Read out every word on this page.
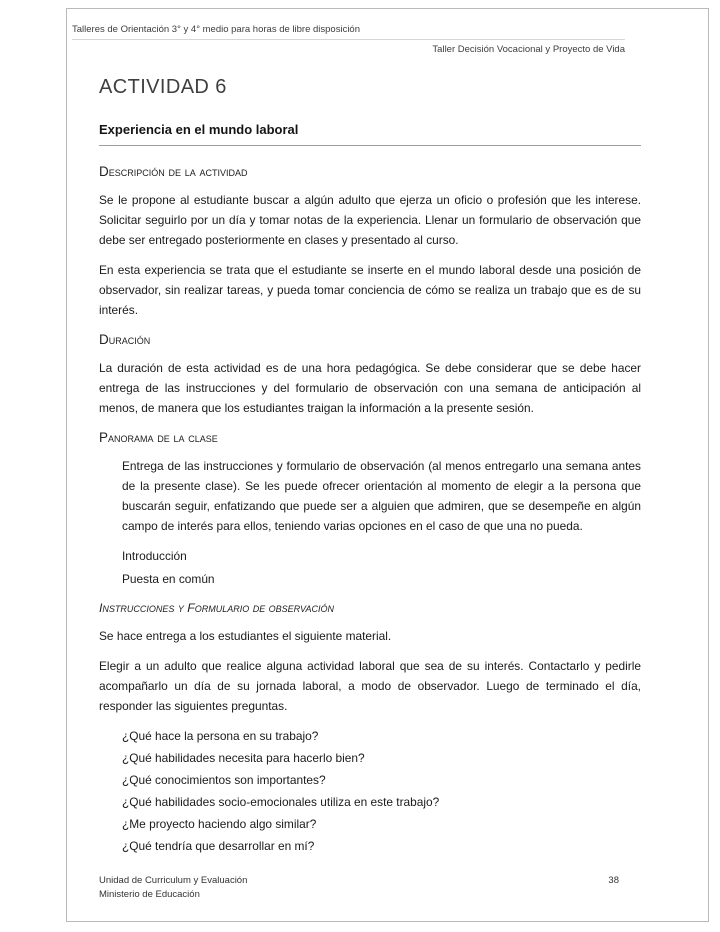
Talleres de Orientación 3° y 4° medio para horas de libre disposición
Taller Decisión Vocacional y Proyecto de Vida
ACTIVIDAD 6
Experiencia en el mundo laboral
Descripción de la actividad

Se le propone al estudiante buscar a algún adulto que ejerza un oficio o profesión que les interese. Solicitar seguirlo por un día y tomar notas de la experiencia. Llenar un formulario de observación que debe ser entregado posteriormente en clases y presentado al curso.

En esta experiencia se trata que el estudiante se inserte en el mundo laboral desde una posición de observador, sin realizar tareas, y pueda tomar conciencia de cómo se realiza un trabajo que es de su interés.

Duración

La duración de esta actividad es de una hora pedagógica. Se debe considerar que se debe hacer entrega de las instrucciones y del formulario de observación con una semana de anticipación al menos, de manera que los estudiantes traigan la información a la presente sesión.

Panorama de la clase

Entrega de las instrucciones y formulario de observación (al menos entregarlo una semana antes de la presente clase). Se les puede ofrecer orientación al momento de elegir a la persona que buscarán seguir, enfatizando que puede ser a alguien que admiren, que se desempeñe en algún campo de interés para ellos, teniendo varias opciones en el caso de que una no pueda.

Introducción
Puesta en común
Instrucciones y Formulario de observación

Se hace entrega a los estudiantes el siguiente material.

Elegir a un adulto que realice alguna actividad laboral que sea de su interés. Contactarlo y pedirle acompañarlo un día de su jornada laboral, a modo de observador. Luego de terminado el día, responder las siguientes preguntas.

¿Qué hace la persona en su trabajo?
¿Qué habilidades necesita para hacerlo bien?
¿Qué conocimientos son importantes?
¿Qué habilidades socio-emocionales utiliza en este trabajo?
¿Me proyecto haciendo algo similar?
¿Qué tendría que desarrollar en mí?
Unidad de Curriculum y Evaluación
Ministerio de Educación
38
